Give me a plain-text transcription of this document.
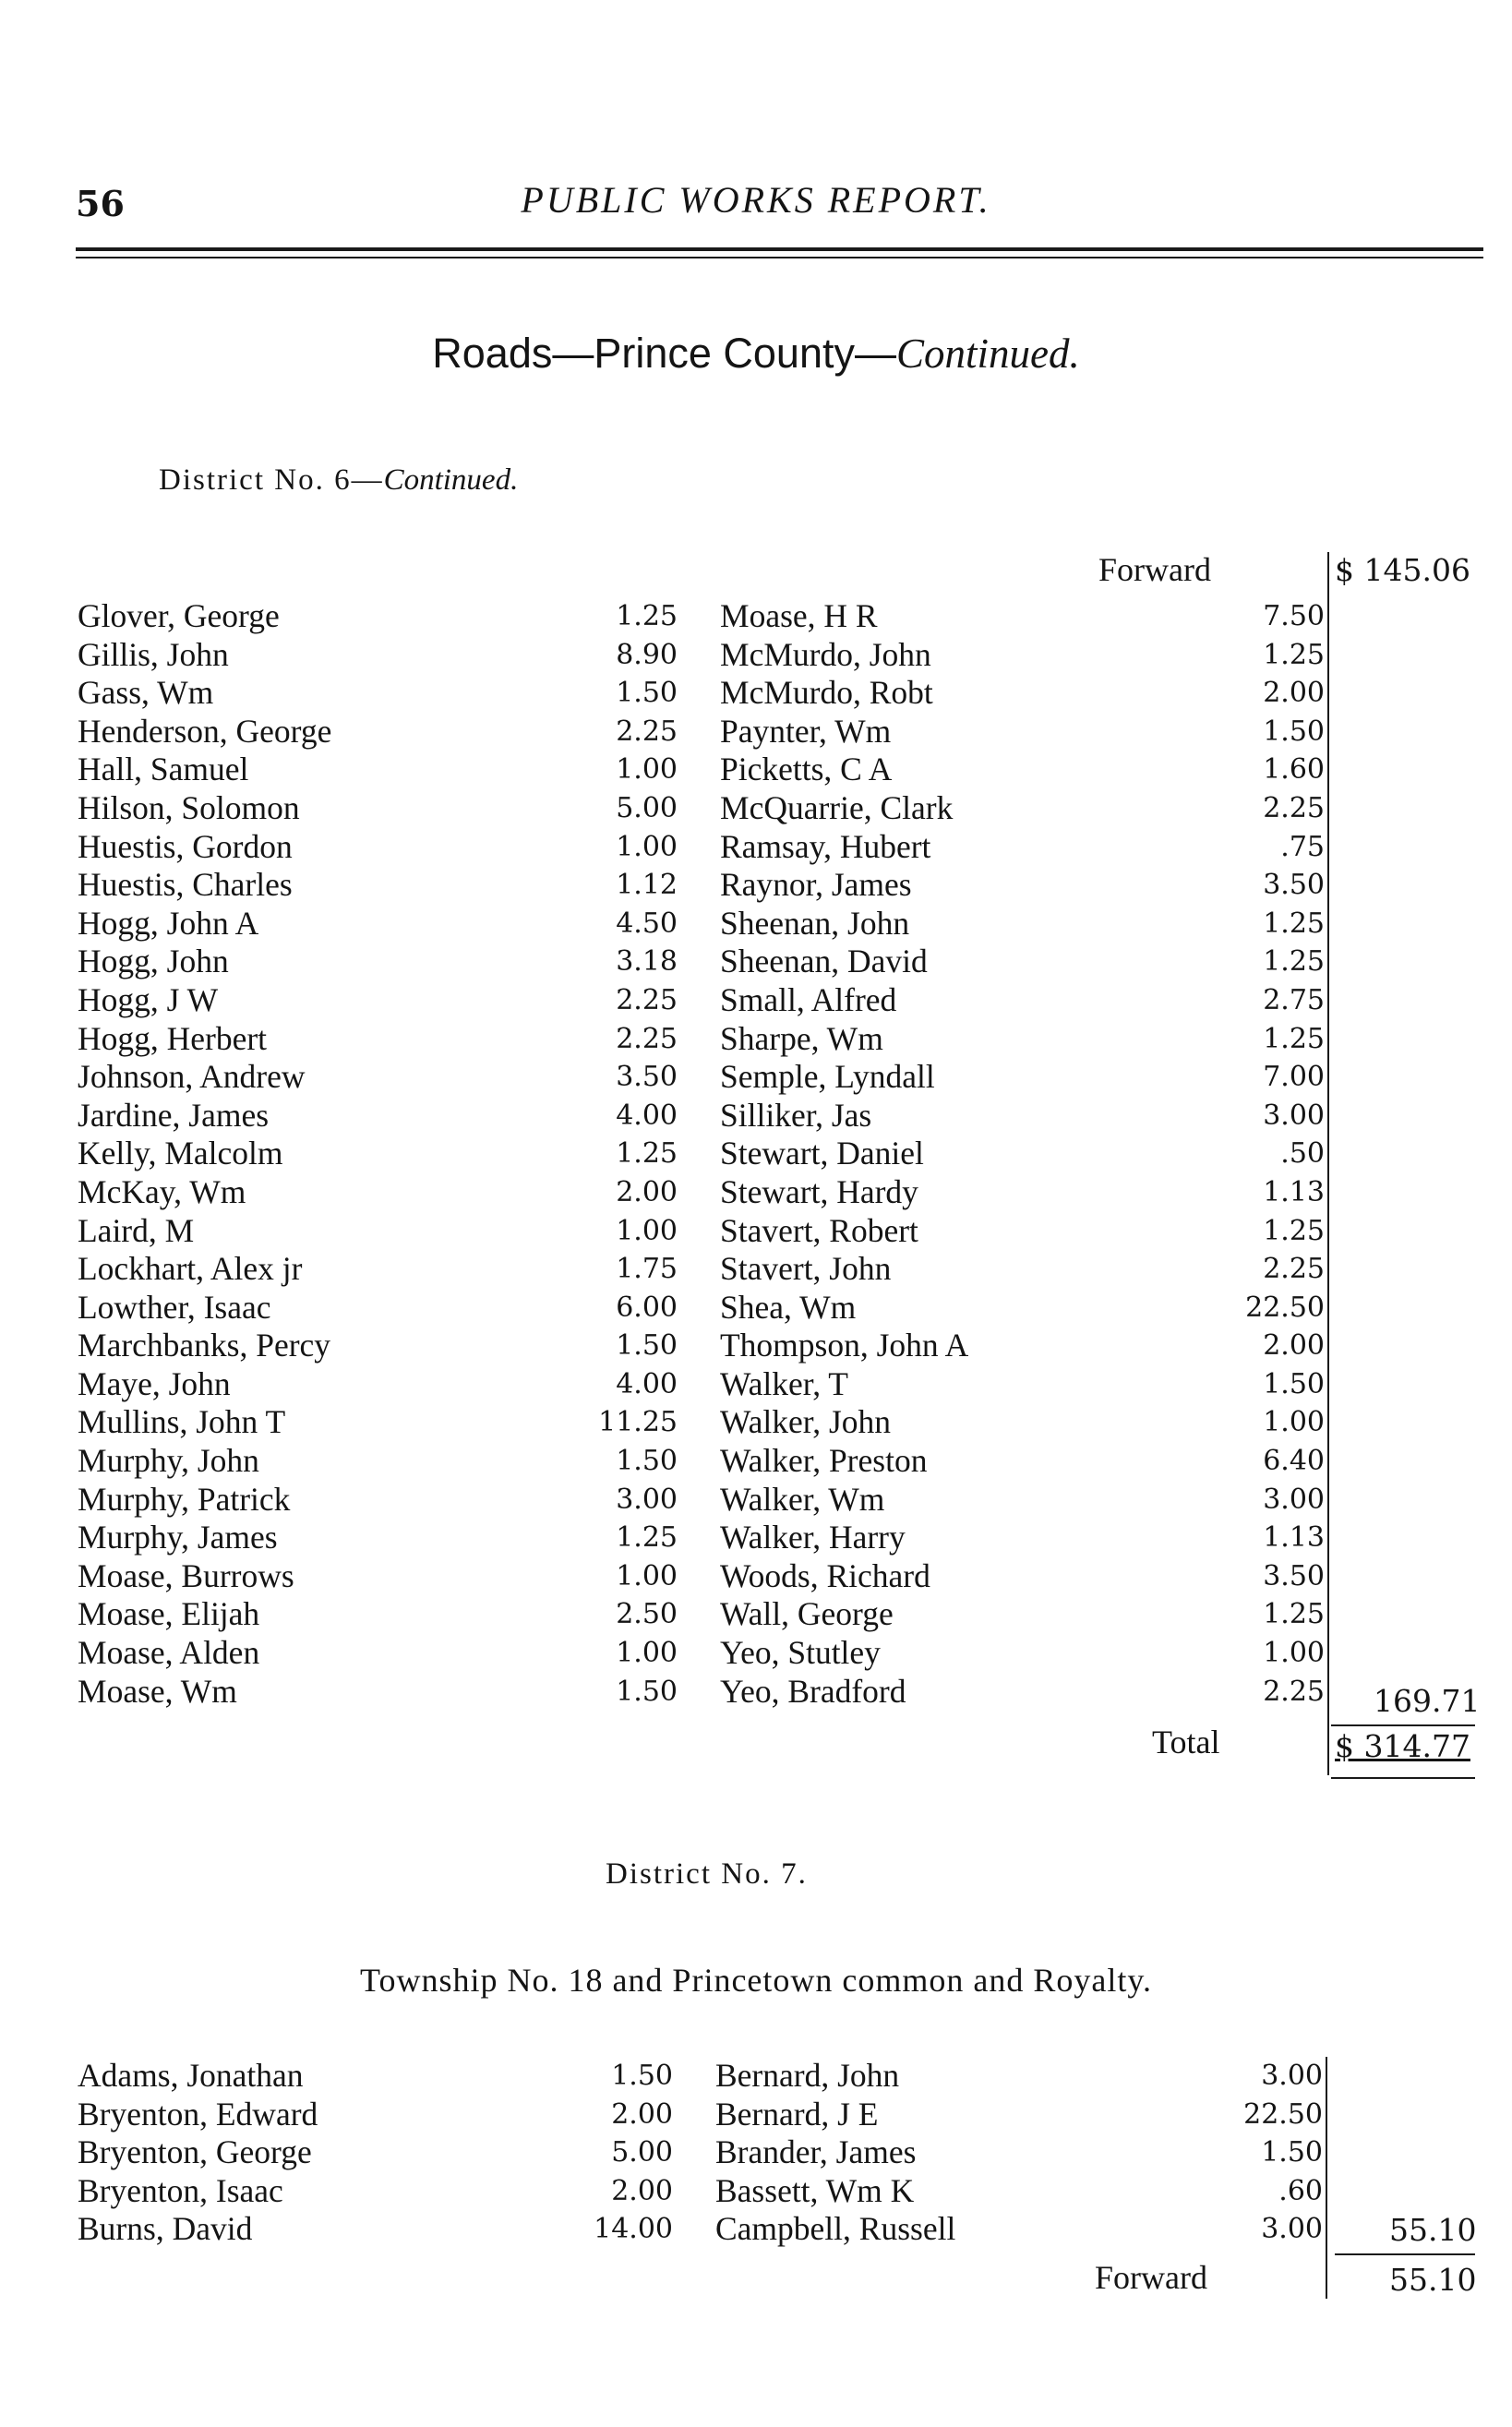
56	PUBLIC WORKS REPORT.
Roads—Prince County—Continued.
District No. 6—Continued.
Forward	$ 145.06
Glover, George	1.25
Gillis, John	8.90
Gass, Wm	1.50
Henderson, George	2.25
Hall, Samuel	1.00
Hilson, Solomon	5.00
Huestis, Gordon	1.00
Huestis, Charles	1.12
Hogg, John A	4.50
Hogg, John	3.18
Hogg, J W	2.25
Hogg, Herbert	2.25
Johnson, Andrew	3.50
Jardine, James	4.00
Kelly, Malcolm	1.25
McKay, Wm	2.00
Laird, M	1.00
Lockhart, Alex jr	1.75
Lowther, Isaac	6.00
Marchbanks, Percy	1.50
Maye, John	4.00
Mullins, John T	11.25
Murphy, John	1.50
Murphy, Patrick	3.00
Murphy, James	1.25
Moase, Burrows	1.00
Moase, Elijah	2.50
Moase, Alden	1.00
Moase, Wm	1.50
Moase, H R	7.50
McMurdo, John	1.25
McMurdo, Robt	2.00
Paynter, Wm	1.50
Picketts, C A	1.60
McQuarrie, Clark	2.25
Ramsay, Hubert	.75
Raynor, James	3.50
Sheenan, John	1.25
Sheenan, David	1.25
Small, Alfred	2.75
Sharpe, Wm	1.25
Semple, Lyndall	7.00
Silliker, Jas	3.00
Stewart, Daniel	.50
Stewart, Hardy	1.13
Stavert, Robert	1.25
Stavert, John	2.25
Shea, Wm	22.50
Thompson, John A	2.00
Walker, T	1.50
Walker, John	1.00
Walker, Preston	6.40
Walker, Wm	3.00
Walker, Harry	1.13
Woods, Richard	3.50
Wall, George	1.25
Yeo, Stutley	1.00
Yeo, Bradford	2.25 169.71
Total	$ 314.77
District No. 7.
Township No. 18 and Princetown common and Royalty.
Adams, Jonathan	1.50
Bryenton, Edward	2.00
Bryenton, George	5.00
Bryenton, Isaac	2.00
Burns, David	14.00
Bernard, John	3.00
Bernard, J E	22.50
Brander, James	1.50
Bassett, Wm K	.60
Campbell, Russell	3.00 55.10
Forward	55.10
